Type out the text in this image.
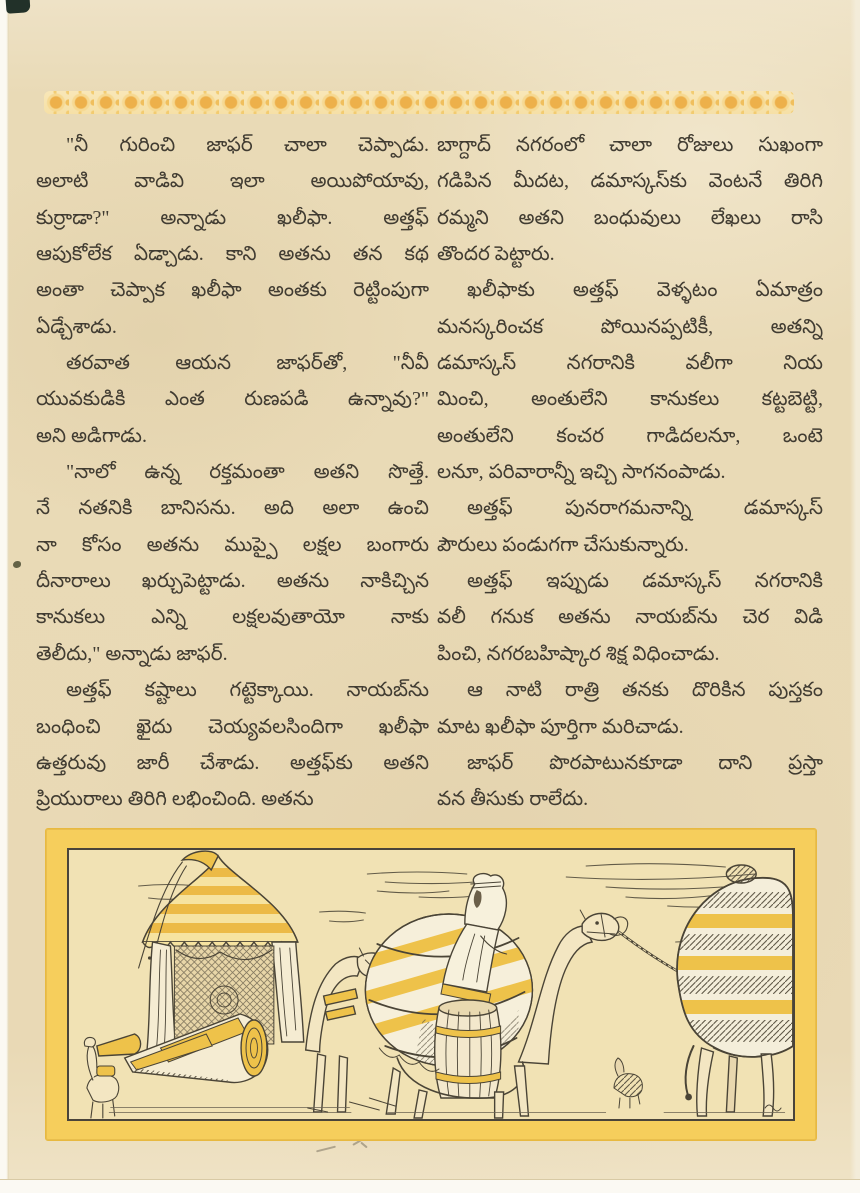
"నీ గురించి జాఫర్ చాలా చెప్పాడు.
అలాటి వాడివి ఇలా అయిపోయావు,
కుర్రాడా?" అన్నాడు ఖలీఫా. అత్తఫ్
ఆపుకోలేక ఏడ్చాడు. కాని అతను తన కథ
అంతా చెప్పాక ఖలీఫా అంతకు రెట్టింపుగా
ఏడ్చేశాడు.
తరవాత ఆయన జాఫర్‌తో, "నీవీ
యువకుడికి ఎంత రుణపడి ఉన్నావు?"
అని అడిగాడు.
"నాలో ఉన్న రక్తమంతా అతని సొత్తే.
నే నతనికి బానిసను. అది అలా ఉంచి
నా కోసం అతను ముప్పై లక్షల బంగారు
దీనారాలు ఖర్చుపెట్టాడు. అతను నాకిచ్చిన
కానుకలు ఎన్ని లక్షలవుతాయో నాకు
తెలీదు," అన్నాడు జాఫర్.
అత్తఫ్ కష్టాలు గట్టెక్కాయి. నాయబ్‌ను
బంధించి ఖైదు చెయ్యవలసిందిగా ఖలీఫా
ఉత్తరువు జారీ చేశాడు. అత్తఫ్‌కు అతని
ప్రియురాలు తిరిగి లభించింది. అతను
బాగ్దాద్ నగరంలో చాలా రోజులు సుఖంగా
గడిపిన మీదట, డమాస్కస్‌కు వెంటనే తిరిగి
రమ్మని అతని బంధువులు లేఖలు రాసి
తొందర పెట్టారు.
ఖలీఫాకు అత్తఫ్ వెళ్ళటం ఏమాత్రం
మనస్కరించక పోయినప్పటికీ, అతన్ని
డమాస్కస్ నగరానికి వలీగా నియ
మించి, అంతులేని కానుకలు కట్టబెట్టి,
అంతులేని కంచర గాడిదలనూ, ఒంటె
లనూ, పరివారాన్నీ ఇచ్చి సాగనంపాడు.
అత్తఫ్ పునరాగమనాన్ని డమాస్కస్
పౌరులు పండుగగా చేసుకున్నారు.
అత్తఫ్ ఇప్పుడు డమాస్కస్ నగరానికి
వలీ గనుక అతను నాయబ్‌ను చెర విడి
పించి, నగరబహిష్కార శిక్ష విధించాడు.
ఆ నాటి రాత్రి తనకు దొరికిన పుస్తకం
మాట ఖలీఫా పూర్తిగా మరిచాడు.
జాఫర్ పొరపాటునకూడా దాని ప్రస్తా
వన తీసుకు రాలేదు.
